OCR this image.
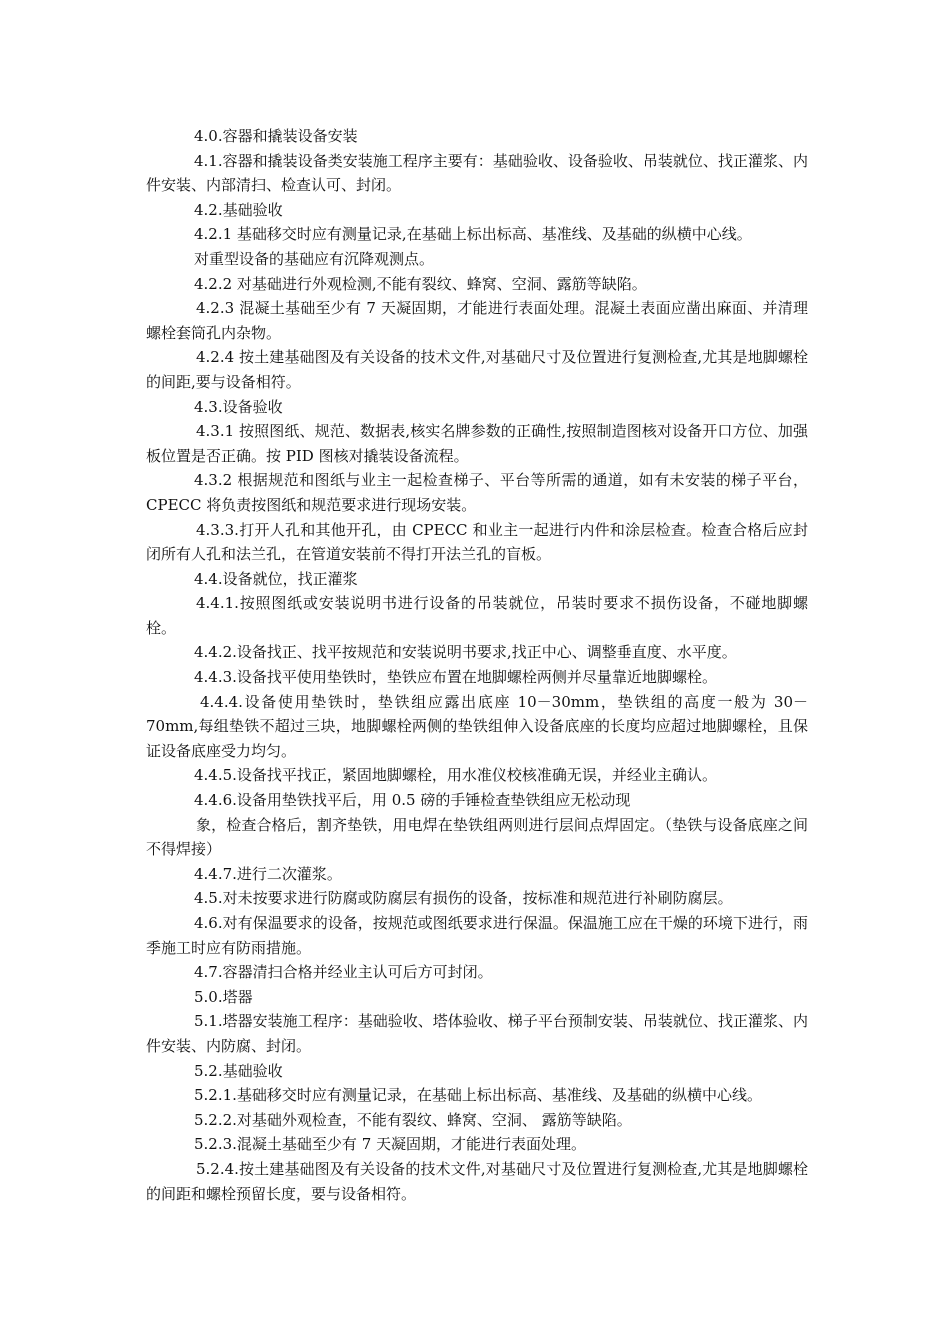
4.0.容器和撬装设备安装

4.1.容器和撬装设备类安装施工程序主要有：基础验收、设备验收、吊装就位、找正灌浆、内件安装、内部清扫、检查认可、封闭。

4.2.基础验收

4.2.1 基础移交时应有测量记录,在基础上标出标高、基准线、及基础的纵横中心线。

对重型设备的基础应有沉降观测点。

4.2.2 对基础进行外观检测,不能有裂纹、蜂窝、空洞、露筋等缺陷。

4.2.3 混凝土基础至少有 7 天凝固期，才能进行表面处理。混凝土表面应凿出麻面、并清理螺栓套筒孔内杂物。

4.2.4 按土建基础图及有关设备的技术文件,对基础尺寸及位置进行复测检查,尤其是地脚螺栓的间距,要与设备相符。

4.3.设备验收

4.3.1 按照图纸、规范、数据表,核实名牌参数的正确性,按照制造图核对设备开口方位、加强板位置是否正确。按 PID 图核对撬装设备流程。

4.3.2 根据规范和图纸与业主一起检查梯子、平台等所需的通道，如有未安装的梯子平台，CPECC 将负责按图纸和规范要求进行现场安装。

4.3.3.打开人孔和其他开孔，由 CPECC 和业主一起进行内件和涂层检查。检查合格后应封闭所有人孔和法兰孔，在管道安装前不得打开法兰孔的盲板。

4.4.设备就位，找正灌浆

4.4.1.按照图纸或安装说明书进行设备的吊装就位，吊装时要求不损伤设备，不碰地脚螺栓。

4.4.2.设备找正、找平按规范和安装说明书要求,找正中心、调整垂直度、水平度。

4.4.3.设备找平使用垫铁时，垫铁应布置在地脚螺栓两侧并尽量靠近地脚螺栓。

4.4.4.设备使用垫铁时，垫铁组应露出底座 10－30mm，垫铁组的高度一般为 30－70mm,每组垫铁不超过三块，地脚螺栓两侧的垫铁组伸入设备底座的长度均应超过地脚螺栓，且保证设备底座受力均匀。

4.4.5.设备找平找正，紧固地脚螺栓，用水准仪校核准确无误，并经业主确认。

4.4.6.设备用垫铁找平后，用 0.5 磅的手锤检查垫铁组应无松动现

象，检查合格后，割齐垫铁，用电焊在垫铁组两则进行层间点焊固定。（垫铁与设备底座之间不得焊接）

4.4.7.进行二次灌浆。

4.5.对未按要求进行防腐或防腐层有损伤的设备，按标准和规范进行补刷防腐层。

4.6.对有保温要求的设备，按规范或图纸要求进行保温。保温施工应在干燥的环境下进行，雨季施工时应有防雨措施。

4.7.容器清扫合格并经业主认可后方可封闭。

5.0.塔器

5.1.塔器安装施工程序：基础验收、塔体验收、梯子平台预制安装、吊装就位、找正灌浆、内件安装、内防腐、封闭。

5.2.基础验收

5.2.1.基础移交时应有测量记录，在基础上标出标高、基准线、及基础的纵横中心线。

5.2.2.对基础外观检查，不能有裂纹、蜂窝、空洞、 露筋等缺陷。

5.2.3.混凝土基础至少有 7 天凝固期，才能进行表面处理。

5.2.4.按土建基础图及有关设备的技术文件,对基础尺寸及位置进行复测检查,尤其是地脚螺栓的间距和螺栓预留长度，要与设备相符。
